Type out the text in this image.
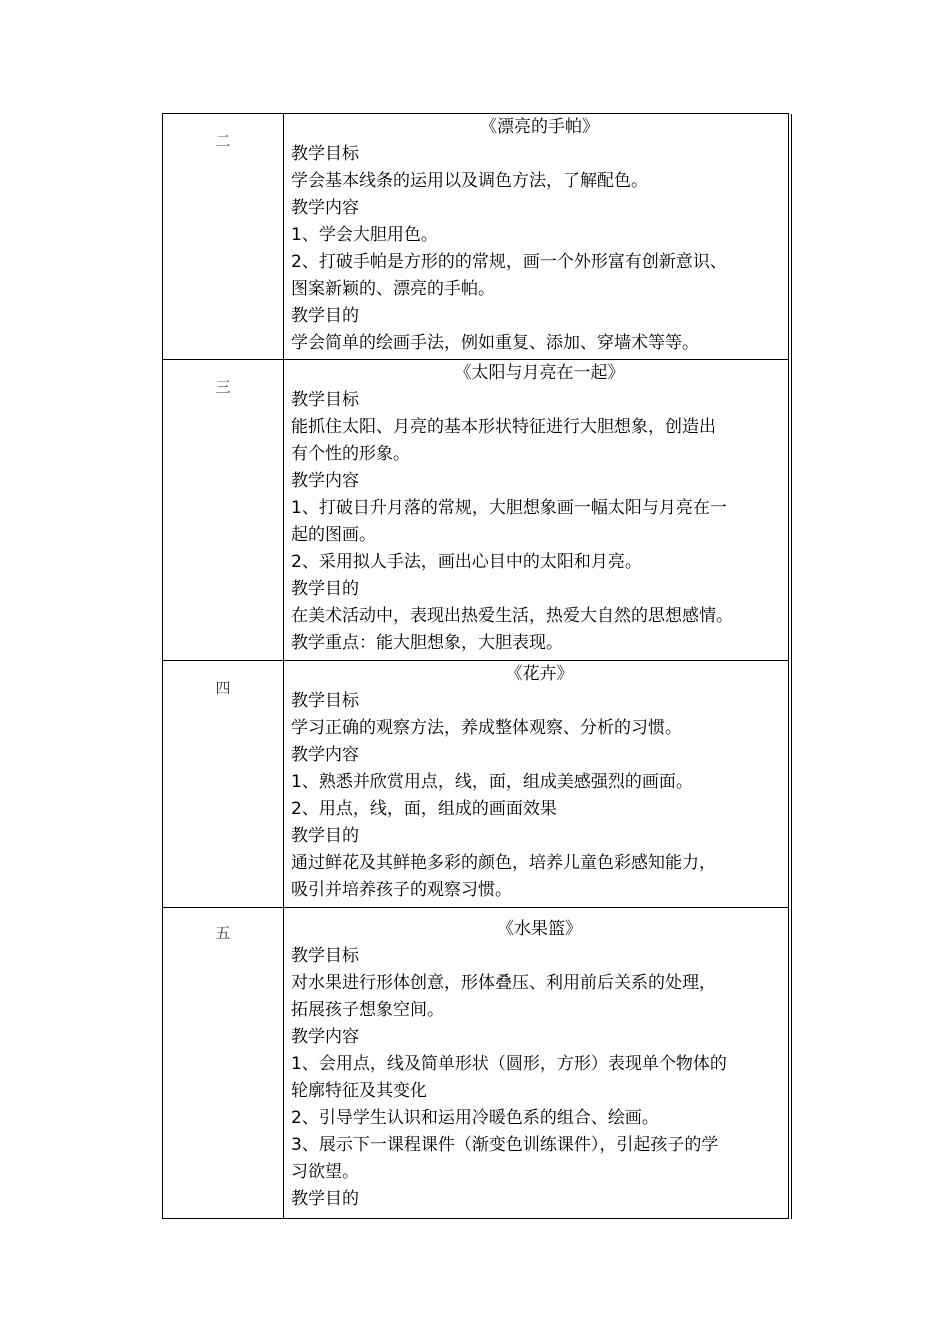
二
《漂亮的手帕》
教学目标
学会基本线条的运用以及调色方法，了解配色。
教学内容
1、学会大胆用色。
2、打破手帕是方形的的常规，画一个外形富有创新意识、
图案新颖的、漂亮的手帕。
教学目的
学会简单的绘画手法，例如重复、添加、穿墙术等等。
三
《太阳与月亮在一起》
教学目标
能抓住太阳、月亮的基本形状特征进行大胆想象，创造出
有个性的形象。
教学内容
1、打破日升月落的常规，大胆想象画一幅太阳与月亮在一
起的图画。
2、采用拟人手法，画出心目中的太阳和月亮。
教学目的
在美术活动中，表现出热爱生活，热爱大自然的思想感情。
教学重点：能大胆想象，大胆表现。
四
《花卉》
教学目标
学习正确的观察方法，养成整体观察、分析的习惯。
教学内容
1、熟悉并欣赏用点，线，面，组成美感强烈的画面。
2、用点，线，面，组成的画面效果
教学目的
通过鲜花及其鲜艳多彩的颜色，培养儿童色彩感知能力，
吸引并培养孩子的观察习惯。
五	《水果篮》
教学目标
对水果进行形体创意，形体叠压、利用前后关系的处理，
拓展孩子想象空间。
教学内容
1、会用点，线及简单形状（圆形，方形）表现单个物体的
轮廓特征及其变化
2、引导学生认识和运用冷暖色系的组合、绘画。
3、展示下一课程课件（渐变色训练课件），引起孩子的学
习欲望。
教学目的
